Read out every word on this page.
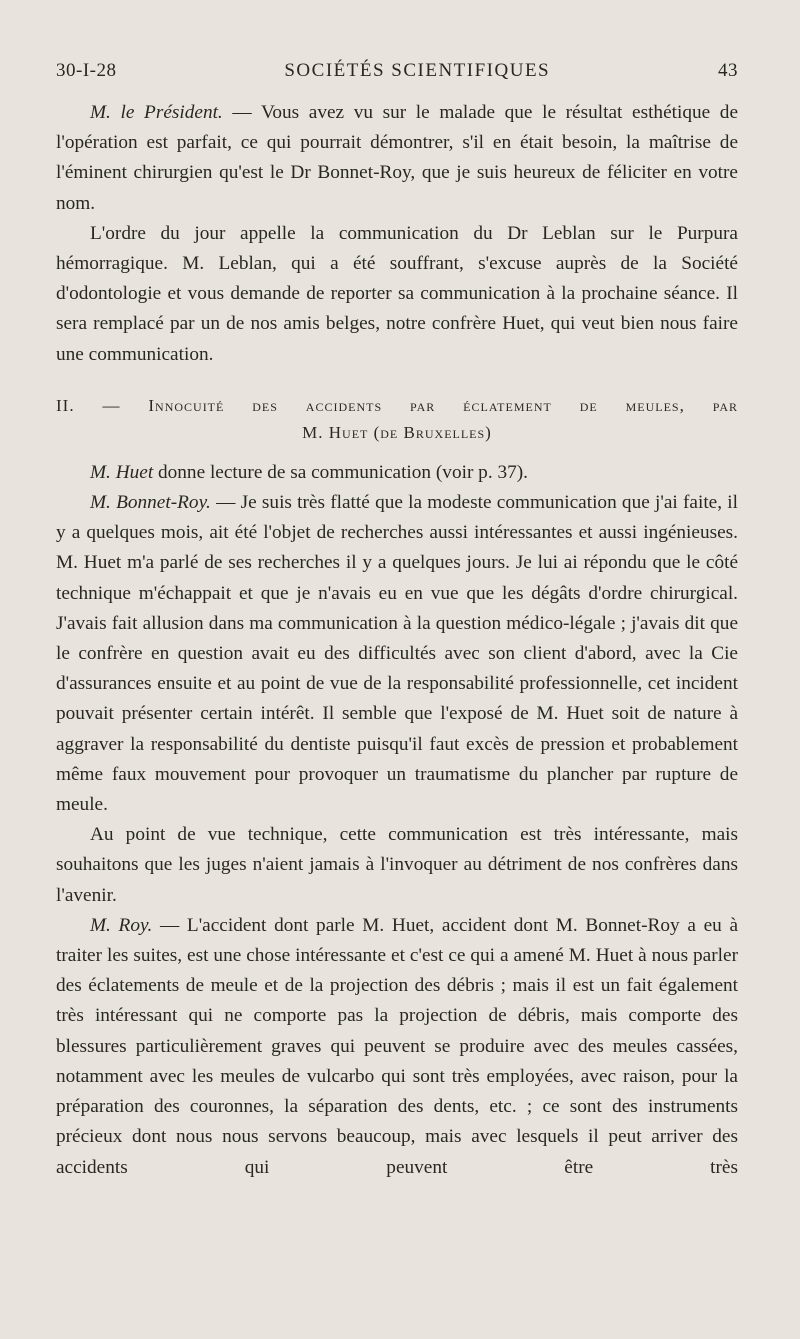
30-I-28	SOCIÉTÉS SCIENTIFIQUES	43

M. le Président. — Vous avez vu sur le malade que le résultat esthétique de l'opération est parfait, ce qui pourrait démontrer, s'il en était besoin, la maîtrise de l'éminent chirurgien qu'est le Dr Bonnet-Roy, que je suis heureux de féliciter en votre nom.

L'ordre du jour appelle la communication du Dr Leblan sur le Purpura hémorragique. M. Leblan, qui a été souffrant, s'excuse auprès de la Société d'odontologie et vous demande de reporter sa communication à la prochaine séance. Il sera remplacé par un de nos amis belges, notre confrère Huet, qui veut bien nous faire une communication.

II. — Innocuité des accidents par éclatement de meules, par
M. Huet (de Bruxelles)

M. Huet donne lecture de sa communication (voir p. 37).

M. Bonnet-Roy. — Je suis très flatté que la modeste communication que j'ai faite, il y a quelques mois, ait été l'objet de recherches aussi intéressantes et aussi ingénieuses. M. Huet m'a parlé de ses recherches il y a quelques jours. Je lui ai répondu que le côté technique m'échappait et que je n'avais eu en vue que les dégâts d'ordre chirurgical. J'avais fait allusion dans ma communication à la question médico-légale ; j'avais dit que le confrère en question avait eu des difficultés avec son client d'abord, avec la Cie d'assurances ensuite et au point de vue de la responsabilité professionnelle, cet incident pouvait présenter certain intérêt. Il semble que l'exposé de M. Huet soit de nature à aggraver la responsabilité du dentiste puisqu'il faut excès de pression et probablement même faux mouvement pour provoquer un traumatisme du plancher par rupture de meule.

Au point de vue technique, cette communication est très intéressante, mais souhaitons que les juges n'aient jamais à l'invoquer au détriment de nos confrères dans l'avenir.

M. Roy. — L'accident dont parle M. Huet, accident dont M. Bonnet-Roy a eu à traiter les suites, est une chose intéressante et c'est ce qui a amené M. Huet à nous parler des éclatements de meule et de la projection des débris ; mais il est un fait également très intéressant qui ne comporte pas la projection de débris, mais comporte des blessures particulièrement graves qui peuvent se produire avec des meules cassées, notamment avec les meules de vulcarbo qui sont très employées, avec raison, pour la préparation des couronnes, la séparation des dents, etc. ; ce sont des instruments précieux dont nous nous servons beaucoup, mais avec lesquels il peut arriver des accidents qui peuvent être très
